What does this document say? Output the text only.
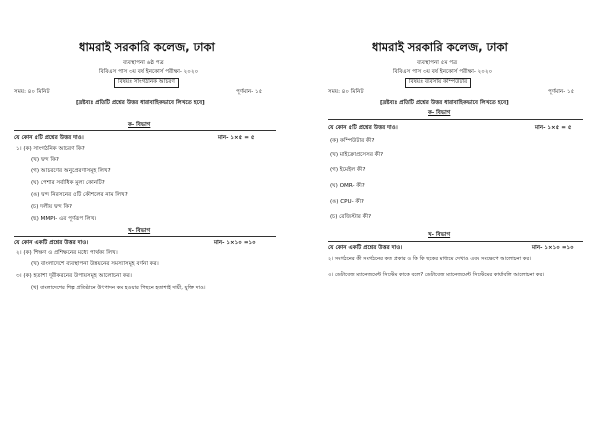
ধামরাই সরকারি কলেজ, ঢাকা
ব্যবস্থাপনা ৬ষ্ঠ পত্র
বিবিএস পাস ৩য় বর্ষ ইনকোর্স পরীক্ষা- ২০২০
বিষয়ঃ সাংগঠনিক আচরণ
সময়: ৪০ মিনিট	পূর্ণমান- ১৫
[দ্রষ্টব্যঃ প্রতিটি প্রশ্নের উত্তর ধারাবাহিকভাবে লিখতে হবে]
ক- বিভাগ
যে কোন ৫টি প্রশ্নের উত্তর দাও।	মান- ১×৫ = ৫
১। (ক) সাংগঠনিক আচরণ কি?
(খ) দ্বন্দ কি?
(গ) আচরণের অনুপ্রেরণাসমূহ লিখ?
(ঘ) পেশার সর্বাধিক মুল্য কোনটি?
(ঙ) দ্বন্দ নিরসনের ৫টি কৌশলের নাম লিখ?
(চ) দলীয় দ্বন্দ কি?
(ছ) MMPI- এর পূর্ণরূপ লিখ।
খ- বিভাগ
যে কোন একটি প্রশ্নের উত্তর দাও।	মান- ১×১০ =১০
২। (ক) শিক্ষণ ও প্রশিক্ষনের মধ্যে পার্থক্য লিখ।
(খ) বাংলাদেশে ব্যবস্থাপনা উন্নয়নের সমস্যাসমূহ বর্ণনা কর।
৩। (ক) হতাশা দূরীকরনের উপায়সমূহ আলোচনা কর।
(খ) বাংলাদেশের শিল্প প্রতিষ্ঠানে উৎপাদন কম হওয়ার পিছনে হতাশাই দায়ী, যুক্তি দাও।
ধামরাই সরকারি কলেজ, ঢাকা
ব্যবস্থাপনা ৫ম পত্র
বিবিএস পাস ৩য় বর্ষ ইনকোর্স পরীক্ষা- ২০২০
বিষয়ঃ ব্যবসায় কম্পিউটার
সময়: ৪০ মিনিট	পূর্ণমান- ১৫
[দ্রষ্টব্যঃ প্রতিটি প্রশ্নের উত্তর ধারাবাহিকভাবে লিখতে হবে]
ক- বিভাগ
যে কোন ৫টি প্রশ্নের উত্তর দাও।	মান- ১×৫ = ৫
(ক) কম্পিউটার কী?
(খ) মাইক্রোপ্রসেসর কী?
(গ) ইমেইল কী?
(ঘ) OMR- কী?
(ঙ) CPU- কী?
(চ) রেজিস্টার কী?
খ- বিভাগ
যে কোন একটি প্রশ্নের উত্তর দাও।	মান- ১×১০ =১০
২। সংগঠনের কী সংগঠনের কত প্রকার ও কি কি ছকের মাধ্যমে দেখাও এবং সংক্ষেপে আলোচনা কর।
৩। ডেটাবেজ ম্যানেজমেন্ট সিস্টেম কাকে বলে? ডেটাবেজ ম্যানেজমেন্ট সিস্টেমের কার্যাবলি আলোচনা কর।
